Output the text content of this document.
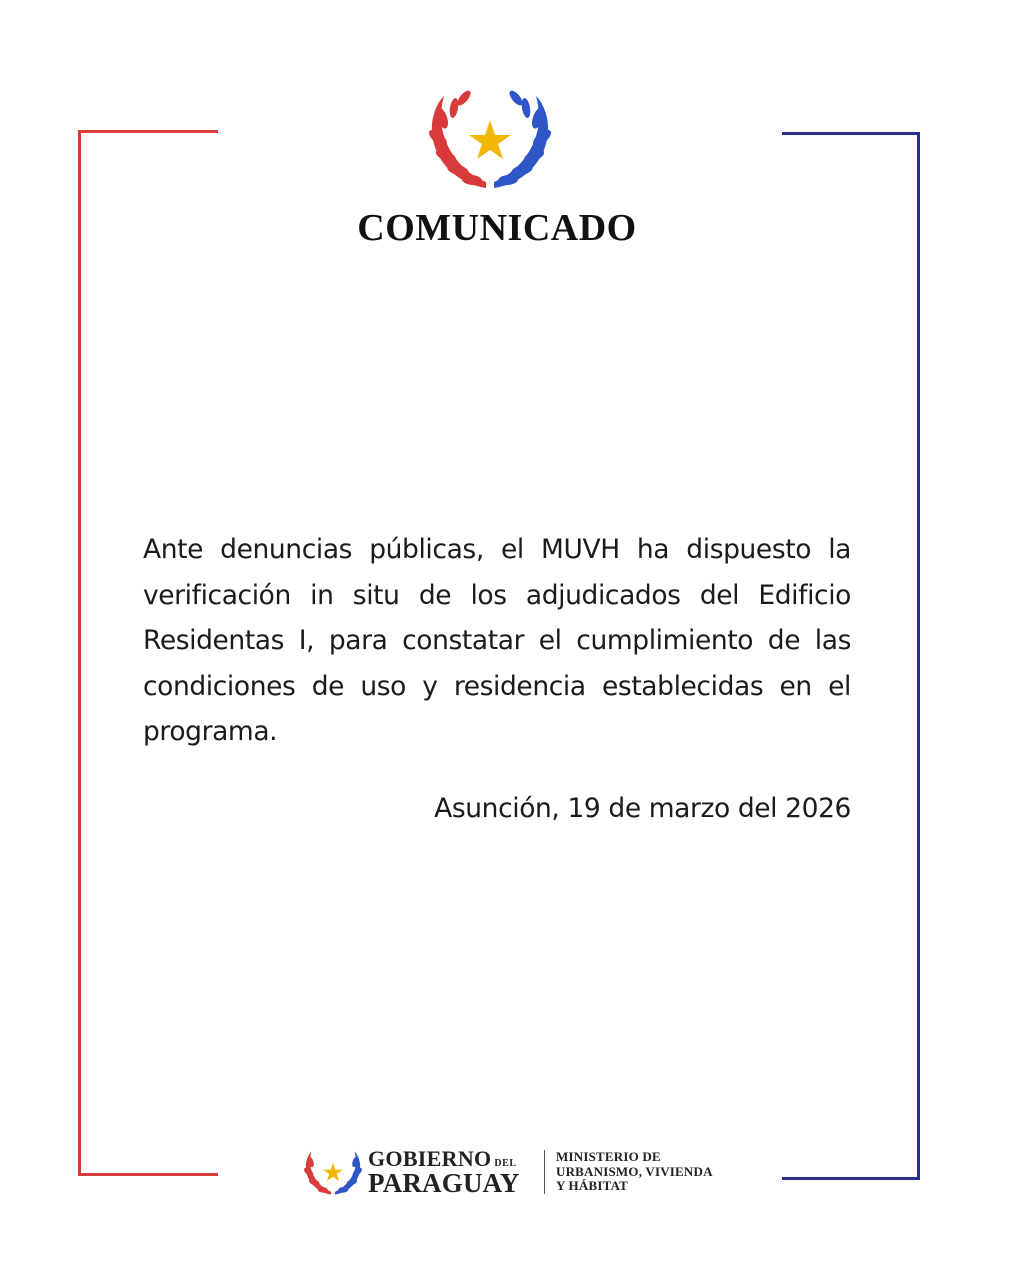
COMUNICADO
Ante denuncias públicas, el MUVH ha dispuesto la verificación in situ de los adjudicados del Edificio Residentas I, para constatar el cumplimiento de las condiciones de uso y residencia establecidas en el programa.
Asunción, 19 de marzo del 2026
GOBIERNO DEL
PARAGUAY
MINISTERIO DE
URBANISMO, VIVIENDA
Y HÁBITAT
